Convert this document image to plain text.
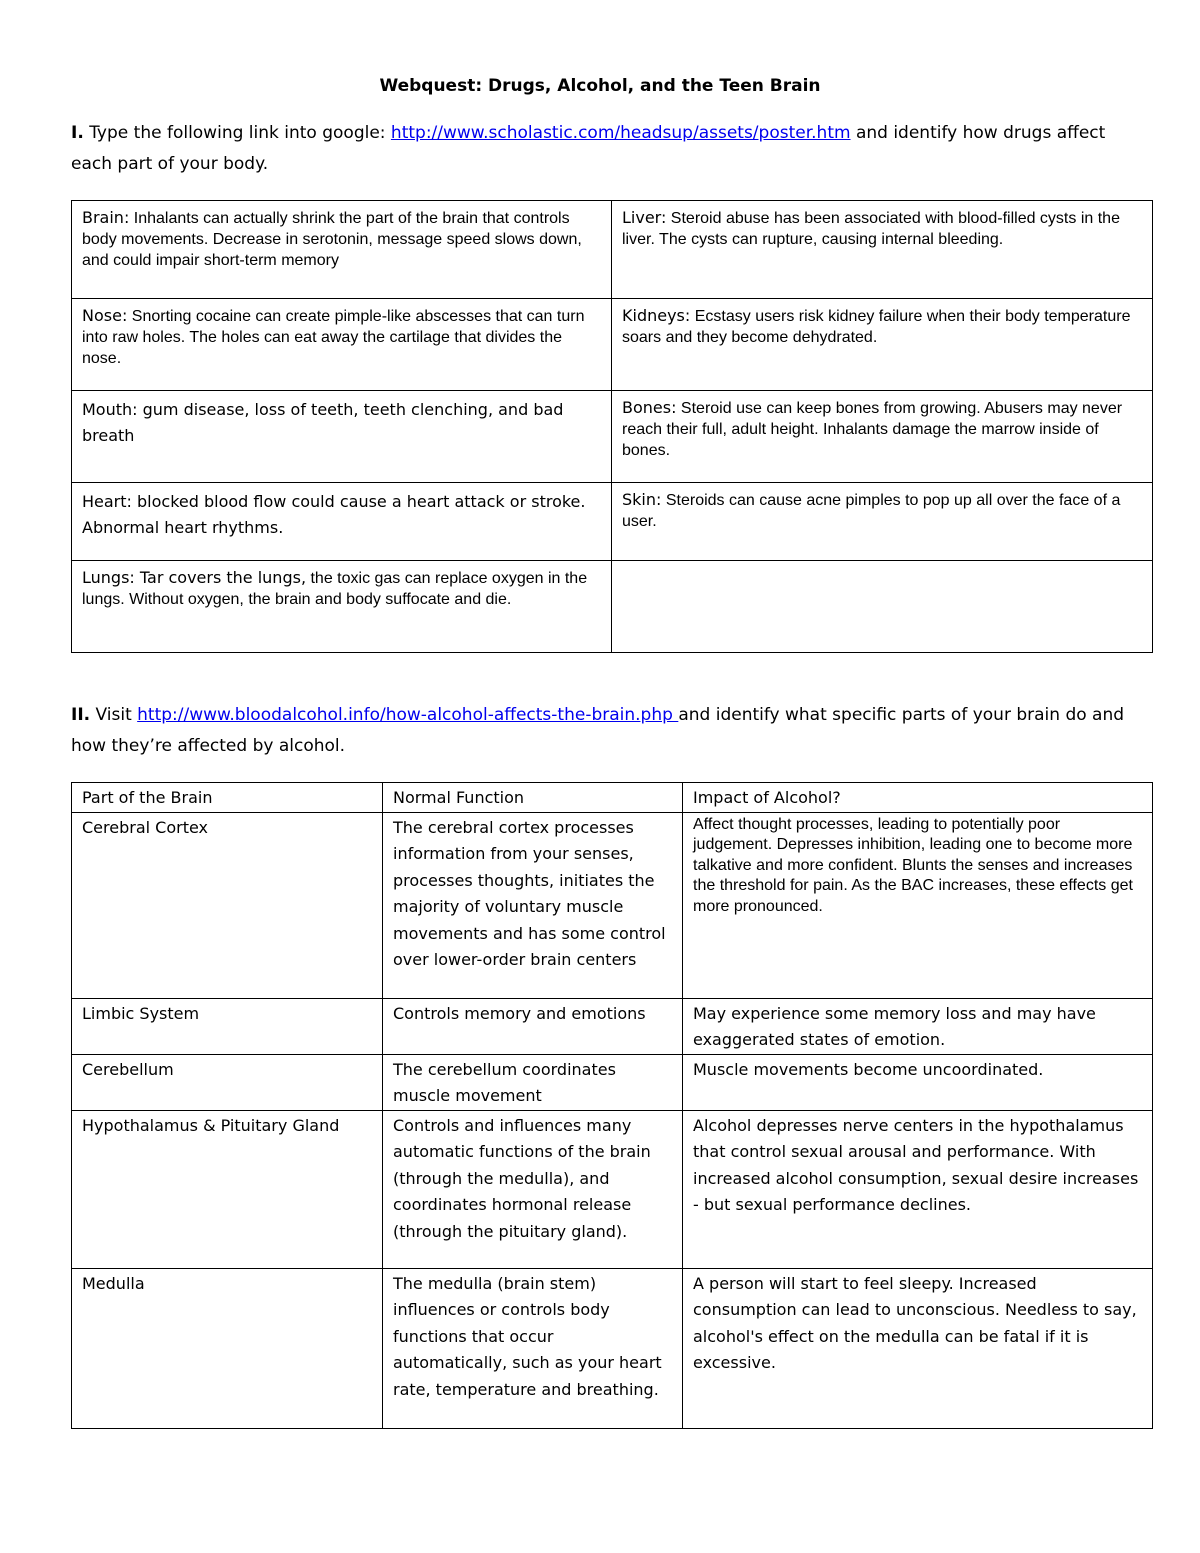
Webquest: Drugs, Alcohol, and the Teen Brain
I. Type the following link into google: http://www.scholastic.com/headsup/assets/poster.htm and identify how drugs affect each part of your body.
Brain: Inhalants can actually shrink the part of the brain that controls body movements. Decrease in serotonin, message speed slows down, and could impair short-term memory	Liver: Steroid abuse has been associated with blood-filled cysts in the liver. The cysts can rupture, causing internal bleeding.
Nose: Snorting cocaine can create pimple-like abscesses that can turn into raw holes. The holes can eat away the cartilage that divides the nose.	Kidneys: Ecstasy users risk kidney failure when their body temperature soars and they become dehydrated.
Mouth: gum disease, loss of teeth, teeth clenching, and bad breath	Bones: Steroid use can keep bones from growing. Abusers may never reach their full, adult height. Inhalants damage the marrow inside of bones.
Heart: blocked blood flow could cause a heart attack or stroke. Abnormal heart rhythms.	Skin: Steroids can cause acne pimples to pop up all over the face of a user.
Lungs: Tar covers the lungs, the toxic gas can replace oxygen in the lungs. Without oxygen, the brain and body suffocate and die.	
II. Visit http://www.bloodalcohol.info/how-alcohol-affects-the-brain.php and identify what specific parts of your brain do and how they’re affected by alcohol.
Part of the Brain	Normal Function	Impact of Alcohol?
Cerebral Cortex	The cerebral cortex processes information from your senses, processes thoughts, initiates the majority of voluntary muscle movements and has some control over lower-order brain centers	Affect thought processes, leading to potentially poor judgement. Depresses inhibition, leading one to become more talkative and more confident. Blunts the senses and increases the threshold for pain. As the BAC increases, these effects get more pronounced.
Limbic System	Controls memory and emotions	May experience some memory loss and may have exaggerated states of emotion.
Cerebellum	The cerebellum coordinates muscle movement	Muscle movements become uncoordinated.
Hypothalamus & Pituitary Gland	Controls and influences many automatic functions of the brain (through the medulla), and coordinates hormonal release (through the pituitary gland).	Alcohol depresses nerve centers in the hypothalamus that control sexual arousal and performance. With increased alcohol consumption, sexual desire increases - but sexual performance declines.
Medulla	The medulla (brain stem) influences or controls body functions that occur automatically, such as your heart rate, temperature and breathing.	A person will start to feel sleepy. Increased consumption can lead to unconscious. Needless to say, alcohol's effect on the medulla can be fatal if it is excessive.
